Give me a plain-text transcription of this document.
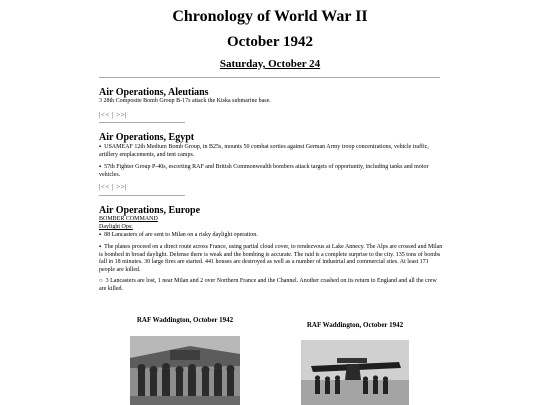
Chronology of World War II
October 1942
Saturday, October 24
Air Operations, Aleutians
3 28th Composite Bomb Group B-17s attack the Kiska submarine base.
|<< | >>|
Air Operations, Egypt
▪  USAMEAF 12th Medium Bomb Group, in B25s, mounts 50 combat sorties against German Army troop concentrations, vehicle traffic, artillery emplacements, and tent camps.
▪  57th Fighter Group P-40s, escorting RAF and British Commonwealth bombers attack targets of opportunity, including tanks and motor vehicles.
|<< | >>|
Air Operations, Europe
BOMBER COMMAND
Daylight Ops:
▪  88 Lancasters of are sent to Milan on a risky daylight operation.
▪  The planes proceed on a direct route across France, using partial cloud cover, to rendezvous at Lake Annecy. The Alps are crossed and Milan is bombed in broad daylight. Defense there is weak and the bombing is accurate. The raid is a complete surprise to the city. 135 tons of bombs fall in 18 minutes. 30 large fires are started. 441 houses are destroyed as well as a number of industrial and commercial sites. At least 171 people are killed.
○  3 Lancasters are lost, 1 near Milan and 2 over Northern France and the Channel. Another crashed on its return to England and all the crew are killed.
RAF Waddington, October 1942
RAF Waddington, October 1942
